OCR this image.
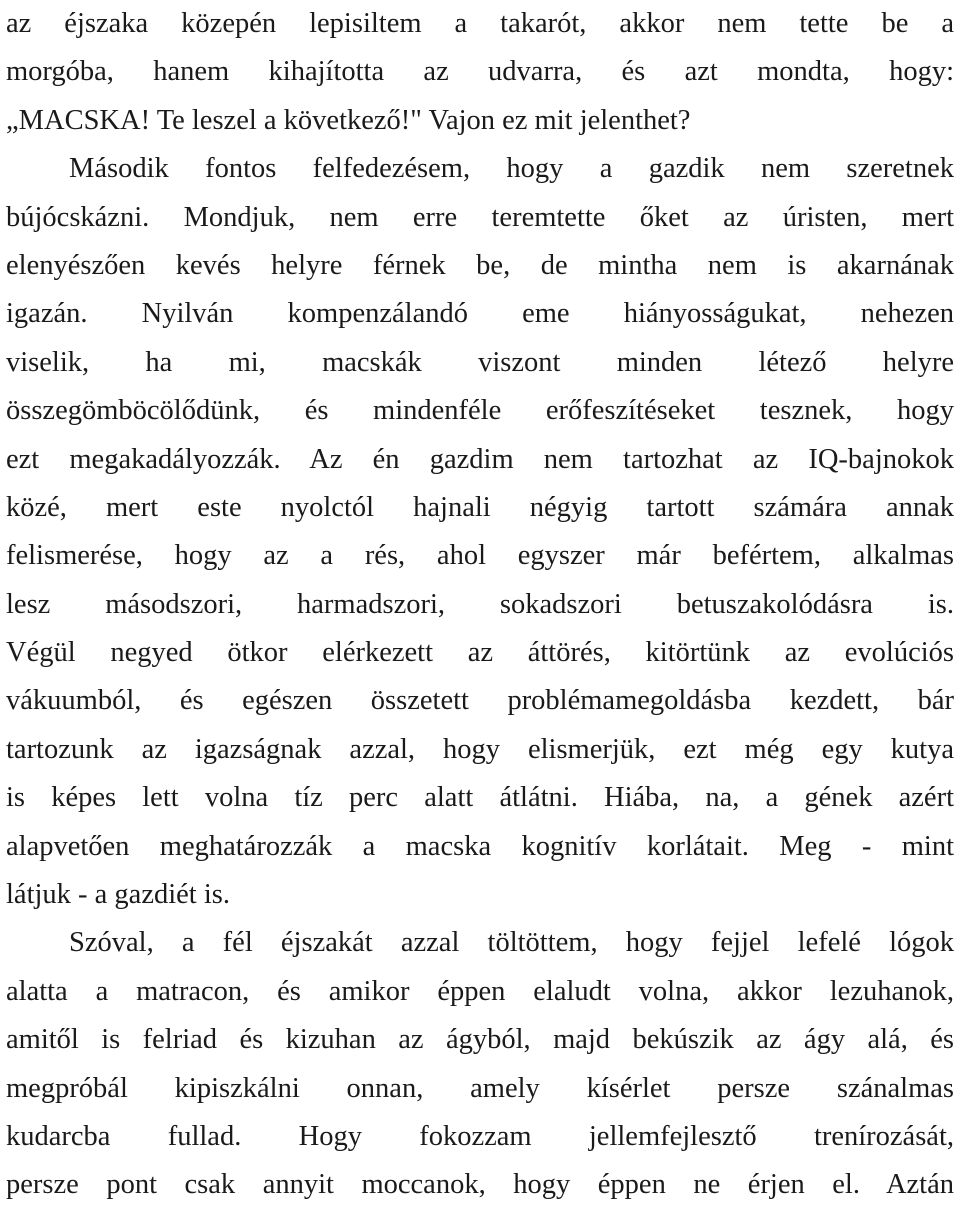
az éjszaka közepén lepisiltem a takarót, akkor nem tette be a
morgóba, hanem kihajította az udvarra, és azt mondta, hogy:
„MACSKA! Te leszel a következő!" Vajon ez mit jelenthet?
Második fontos felfedezésem, hogy a gazdik nem szeretnek
bújócskázni. Mondjuk, nem erre teremtette őket az úristen, mert
elenyészően kevés helyre férnek be, de mintha nem is akarnának
igazán. Nyilván kompenzálandó eme hiányosságukat, nehezen
viselik, ha mi, macskák viszont minden létező helyre
összegömböcölődünk, és mindenféle erőfeszítéseket tesznek, hogy
ezt megakadályozzák. Az én gazdim nem tartozhat az IQ-bajnokok
közé, mert este nyolctól hajnali négyig tartott számára annak
felismerése, hogy az a rés, ahol egyszer már befértem, alkalmas
lesz másodszori, harmadszori, sokadszori betuszakolódásra is.
Végül negyed ötkor elérkezett az áttörés, kitörtünk az evolúciós
vákuumból, és egészen összetett problémamegoldásba kezdett, bár
tartozunk az igazságnak azzal, hogy elismerjük, ezt még egy kutya
is képes lett volna tíz perc alatt átlátni. Hiába, na, a gének azért
alapvetően meghatározzák a macska kognitív korlátait. Meg - mint
látjuk - a gazdiét is.
Szóval, a fél éjszakát azzal töltöttem, hogy fejjel lefelé lógok
alatta a matracon, és amikor éppen elaludt volna, akkor lezuhanok,
amitől is felriad és kizuhan az ágyból, majd bekúszik az ágy alá, és
megpróbál kipiszkálni onnan, amely kísérlet persze szánalmas
kudarcba fullad. Hogy fokozzam jellemfejlesztő trenírozását,
persze pont csak annyit moccanok, hogy éppen ne érjen el. Aztán
